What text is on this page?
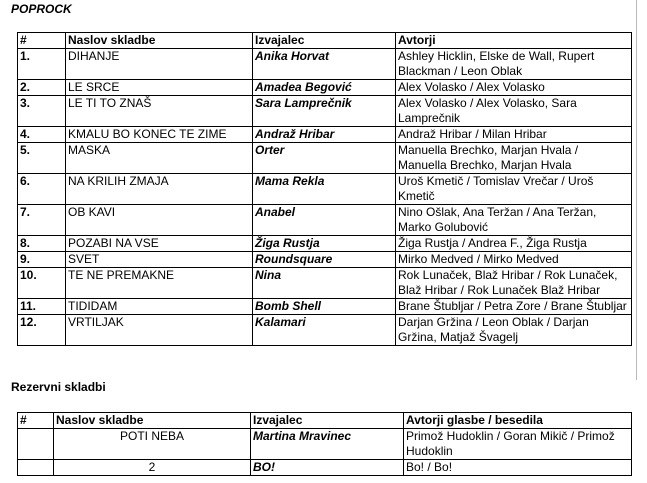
POPROCK
#	Naslov skladbe	Izvajalec	Avtorji
1.	DIHANJE	Anika Horvat	Ashley Hicklin, Elske de Wall, Rupert Blackman / Leon Oblak
2.	LE SRCE	Amadea Begović	Alex Volasko / Alex Volasko
3.	LE TI TO ZNAŠ	Sara Lamprečnik	Alex Volasko / Alex Volasko, Sara Lamprečnik
4.	KMALU BO KONEC TE ZIME	Andraž Hribar	Andraž Hribar / Milan Hribar
5.	MASKA	Orter	Manuella Brechko, Marjan Hvala / Manuella Brechko, Marjan Hvala
6.	NA KRILIH ZMAJA	Mama Rekla	Uroš Kmetič / Tomislav Vrečar / Uroš Kmetič
7.	OB KAVI	Anabel	Nino Ošlak, Ana Teržan / Ana Teržan, Marko Golubović
8.	POZABI NA VSE	Žiga Rustja	Žiga Rustja / Andrea F., Žiga Rustja
9.	SVET	Roundsquare	Mirko Medved / Mirko Medved
10.	TE NE PREMAKNE	Nina	Rok Lunaček, Blaž Hribar / Rok Lunaček, Blaž Hribar / Rok Lunaček Blaž Hribar
11.	TIDIDAM	Bomb Shell	Brane Štubljar / Petra Zore / Brane Štubljar
12.	VRTILJAK	Kalamari	Darjan Gržina / Leon Oblak / Darjan Gržina, Matjaž Švagelj
Rezervni skladbi
#	Naslov skladbe	Izvajalec	Avtorji glasbe / besedila
	POTI NEBA	Martina Mravinec	Primož Hudoklin / Goran Mikič / Primož Hudoklin
	2	BO!	Bo! / Bo!
